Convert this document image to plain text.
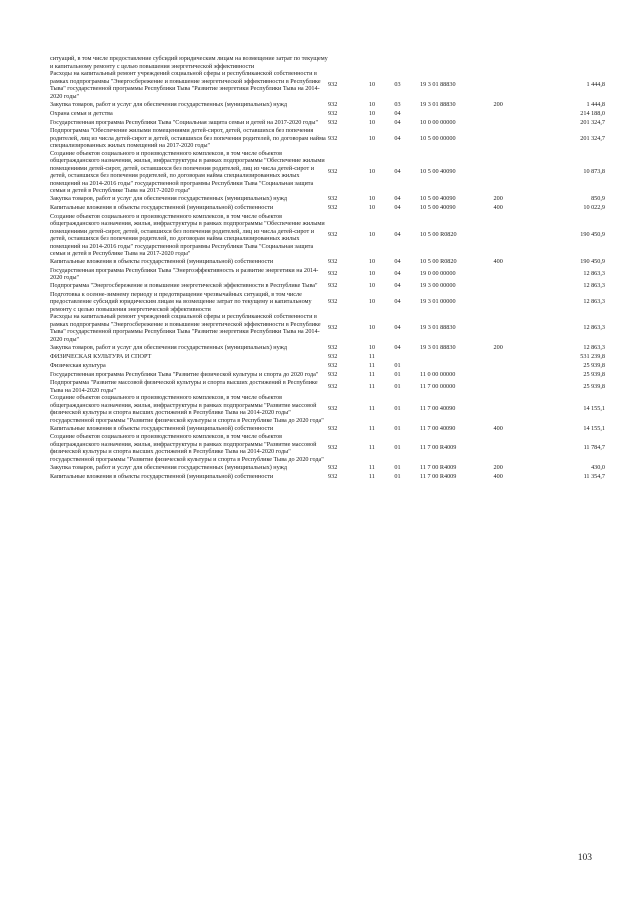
ситуаций, в том числе предоставление субсидий юридическим лицам на возмещение затрат по текущему и капитальному ремонту с целью повышения энергетической эффективности						
Расходы на капитальный ремонт учреждений социальной сферы и республиканской собственности в рамках подпрограммы "Энергосбережение и повышение энергетической эффективности в Республике Тыва" государственной программы Республики Тыва "Развитие энергетики Республики Тыва на 2014-2020 годы"	932	10	03	19 3 01 88830		1 444,8
Закупка товаров, работ и услуг для обеспечения государственных (муниципальных) нужд	932	10	03	19 3 01 88830	200	1 444,8
Охрана семьи и детства	932	10	04			214 188,0
Государственная программа Республики Тыва "Социальная защита семьи и детей на 2017-2020 годы"	932	10	04	10 0 00 00000		201 324,7
Подпрограмма "Обеспечение жилыми помещениями детей-сирот, детей, оставшихся без попечения родителей, лиц из числа детей-сирот и детей, оставшихся без попечения родителей, по договорам найма специализированных жилых помещений на 2017-2020 годы"	932	10	04	10 5 00 00000		201 324,7
Создание объектов социального и производственного комплексов, в том числе объектов общегражданского назначения, жилья, инфраструктуры в рамках подпрограммы "Обеспечение жилыми помещениями детей-сирот, детей, оставшихся без попечения родителей, лиц из числа детей-сирот и детей, оставшихся без попечения родителей, по договорам найма специализированных жилых помещений на 2014-2016 годы" государственной программы Республики Тыва "Социальная защита семьи и детей в Республике Тыва на 2017-2020 годы"	932	10	04	10 5 00 40090		10 873,8
Закупка товаров, работ и услуг для обеспечения государственных (муниципальных) нужд	932	10	04	10 5 00 40090	200	850,9
Капитальные вложения в объекты государственной (муниципальной) собственности	932	10	04	10 5 00 40090	400	10 022,9
Создание объектов социального и производственного комплексов, в том числе объектов общегражданского назначения, жилья, инфраструктуры в рамках подпрограммы "Обеспечение жилыми помещениями детей-сирот, детей, оставшихся без попечения родителей, лиц из числа детей-сирот и детей, оставшихся без попечения родителей, по договорам найма специализированных жилых помещений на 2014-2016 годы" государственной программы Республики Тыва "Социальная защита семьи и детей в Республике Тыва на 2017-2020 годы"	932	10	04	10 5 00 R0820		190 450,9
Капитальные вложения в объекты государственной (муниципальной) собственности	932	10	04	10 5 00 R0820	400	190 450,9
Государственная программа Республики Тыва "Энергоэффективность и развитие энергетики на 2014-2020 годы"	932	10	04	19 0 00 00000		12 863,3
Подпрограмма "Энергосбережение и повышение энергетической эффективности в Республике Тыва"	932	10	04	19 3 00 00000		12 863,3
Подготовка к осенне-зимнему периоду и предотвращение чрезвычайных ситуаций, в том числе предоставление субсидий юридическим лицам на возмещение затрат по текущему и капитальному ремонту с целью повышения энергетической эффективности	932	10	04	19 3 01 00000		12 863,3
Расходы на капитальный ремонт учреждений социальной сферы и республиканской собственности в рамках подпрограммы "Энергосбережение и повышение энергетической эффективности в Республике Тыва" государственной программы Республики Тыва "Развитие энергетики Республики Тыва на 2014-2020 годы"	932	10	04	19 3 01 88830		12 863,3
Закупка товаров, работ и услуг для обеспечения государственных (муниципальных) нужд	932	10	04	19 3 01 88830	200	12 863,3
ФИЗИЧЕСКАЯ КУЛЬТУРА И СПОРТ	932	11				531 239,8
Физическая культура	932	11	01			25 939,8
Государственная программа Республики Тыва "Развитие физической культуры и спорта до 2020 года"	932	11	01	11 0 00 00000		25 939,8
Подпрограмма "Развитие массовой физической культуры и спорта высших достижений в Республике Тыва на 2014-2020 годы"	932	11	01	11 7 00 00000		25 939,8
Создание объектов социального и производственного комплексов, в том числе объектов общегражданского назначения, жилья, инфраструктуры в рамках подпрограммы "Развитие массовой физической культуры и спорта высших достижений в Республике Тыва на 2014-2020 годы" государственной программы "Развитие физической культуры и спорта в Республике Тыва до 2020 года"	932	11	01	11 7 00 40090		14 155,1
Капитальные вложения в объекты государственной (муниципальной) собственности	932	11	01	11 7 00 40090	400	14 155,1
Создание объектов социального и производственного комплексов, в том числе объектов общегражданского назначения, жилья, инфраструктуры в рамках подпрограммы "Развитие массовой физической культуры и спорта высших достижений в Республике Тыва на 2014-2020 годы" государственной программы "Развитие физической культуры и спорта в Республике Тыва до 2020 года"	932	11	01	11 7 00 R4009		11 784,7
Закупка товаров, работ и услуг для обеспечения государственных (муниципальных) нужд	932	11	01	11 7 00 R4009	200	430,0
Капитальные вложения в объекты государственной (муниципальной) собственности	932	11	01	11 7 00 R4009	400	11 354,7
103
